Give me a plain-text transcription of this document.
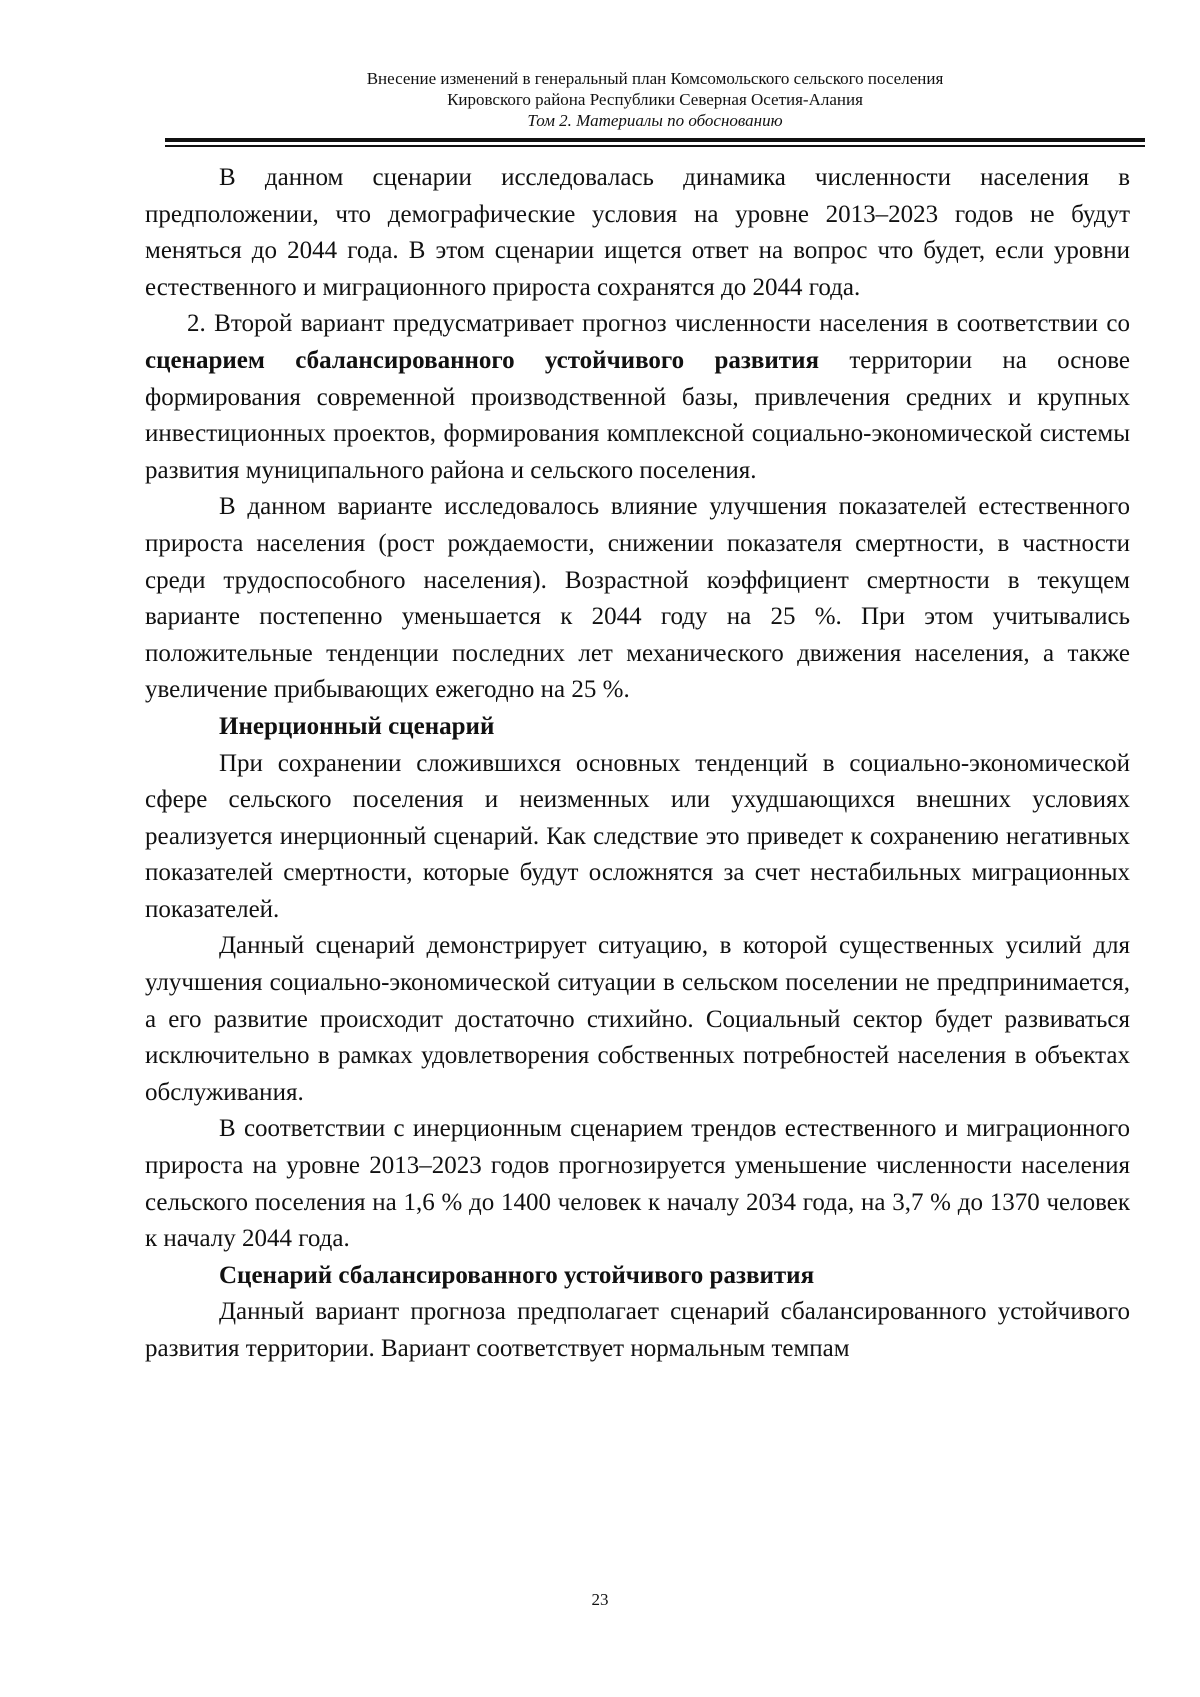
Внесение изменений в генеральный план Комсомольского сельского поселения
Кировского района Республики Северная Осетия-Алания
Том 2. Материалы по обоснованию

В данном сценарии исследовалась динамика численности населения в предположении, что демографические условия на уровне 2013–2023 годов не будут меняться до 2044 года. В этом сценарии ищется ответ на вопрос что будет, если уровни естественного и миграционного прироста сохранятся до 2044 года.

2. Второй вариант предусматривает прогноз численности населения в соответствии со сценарием сбалансированного устойчивого развития территории на основе формирования современной производственной базы, привлечения средних и крупных инвестиционных проектов, формирования комплексной социально-экономической системы развития муниципального района и сельского поселения.

В данном варианте исследовалось влияние улучшения показателей естественного прироста населения (рост рождаемости, снижении показателя смертности, в частности среди трудоспособного населения). Возрастной коэффициент смертности в текущем варианте постепенно уменьшается к 2044 году на 25 %. При этом учитывались положительные тенденции последних лет механического движения населения, а также увеличение прибывающих ежегодно на 25 %.

Инерционный сценарий

При сохранении сложившихся основных тенденций в социально-экономической сфере сельского поселения и неизменных или ухудшающихся внешних условиях реализуется инерционный сценарий. Как следствие это приведет к сохранению негативных показателей смертности, которые будут осложнятся за счет нестабильных миграционных показателей.

Данный сценарий демонстрирует ситуацию, в которой существенных усилий для улучшения социально-экономической ситуации в сельском поселении не предпринимается, а его развитие происходит достаточно стихийно. Социальный сектор будет развиваться исключительно в рамках удовлетворения собственных потребностей населения в объектах обслуживания.

В соответствии с инерционным сценарием трендов естественного и миграционного прироста на уровне 2013–2023 годов прогнозируется уменьшение численности населения сельского поселения на 1,6 % до 1400 человек к началу 2034 года, на 3,7 % до 1370 человек к началу 2044 года.

Сценарий сбалансированного устойчивого развития

Данный вариант прогноза предполагает сценарий сбалансированного устойчивого развития территории. Вариант соответствует нормальным темпам

23
